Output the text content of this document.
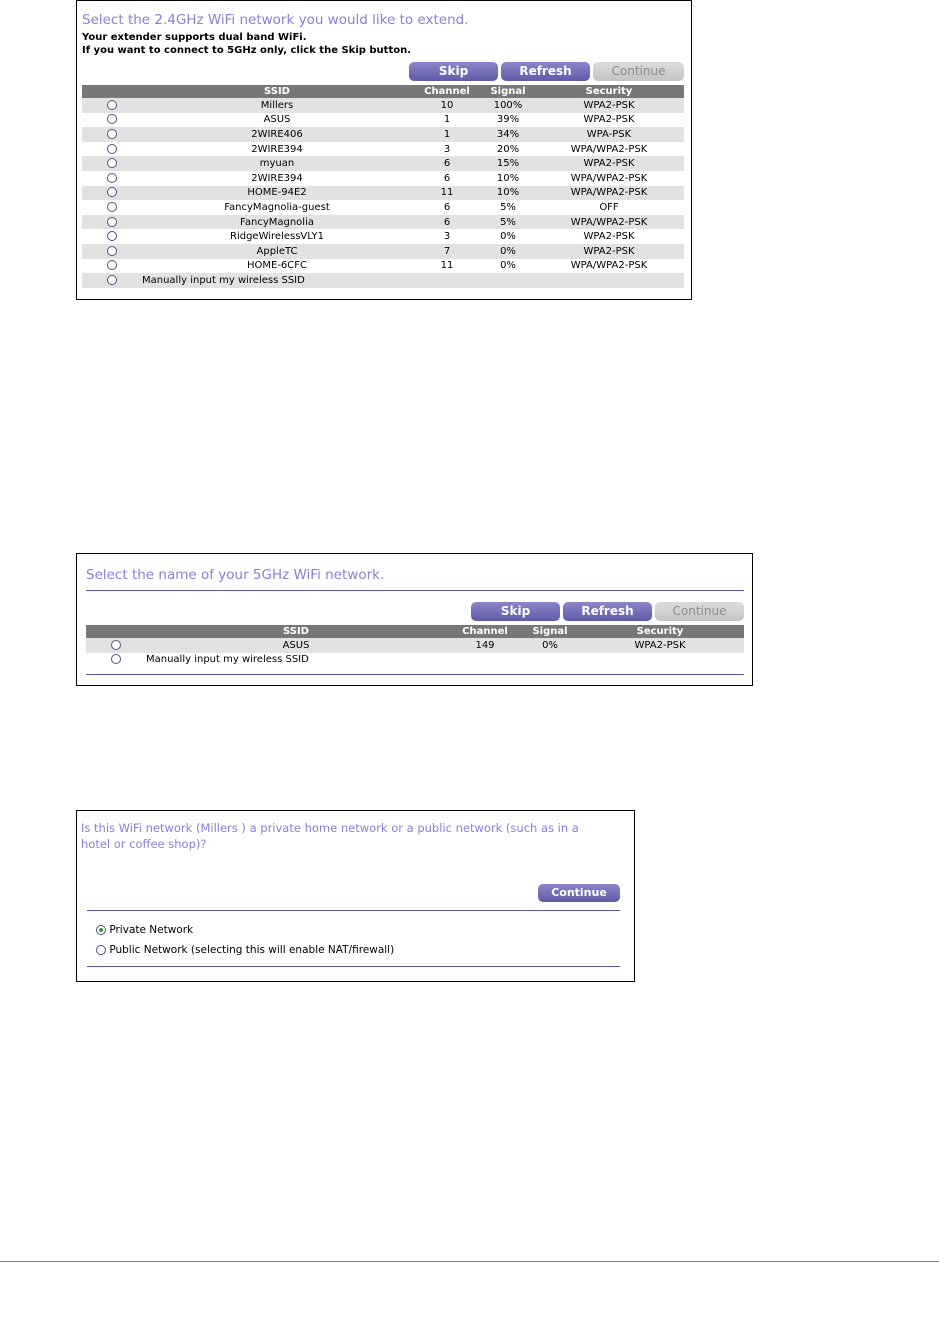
Select the 2.4GHz WiFi network you would like to extend.
Your extender supports dual band WiFi.
If you want to connect to 5GHz only, click the Skip button.
Skip	Refresh	Continue
	SSID	Channel	Signal	Security
	Millers	10	100%	WPA2-PSK
	ASUS	1	39%	WPA2-PSK
	2WIRE406	1	34%	WPA-PSK
	2WIRE394	3	20%	WPA/WPA2-PSK
	myuan	6	15%	WPA2-PSK
	2WIRE394	6	10%	WPA/WPA2-PSK
	HOME-94E2	11	10%	WPA/WPA2-PSK
	FancyMagnolia-guest	6	5%	OFF
	FancyMagnolia	6	5%	WPA/WPA2-PSK
	RidgeWirelessVLY1	3	0%	WPA2-PSK
	AppleTC	7	0%	WPA2-PSK
	HOME-6CFC	11	0%	WPA/WPA2-PSK
	Manually input my wireless SSID			
Select the name of your 5GHz WiFi network.
Skip	Refresh	Continue
	SSID	Channel	Signal	Security
	ASUS	149	0%	WPA2-PSK
	Manually input my wireless SSID			
Is this WiFi network (Millers ) a private home network or a public network (such as in a
hotel or coffee shop)?
Continue
Private Network
Public Network (selecting this will enable NAT/firewall)
